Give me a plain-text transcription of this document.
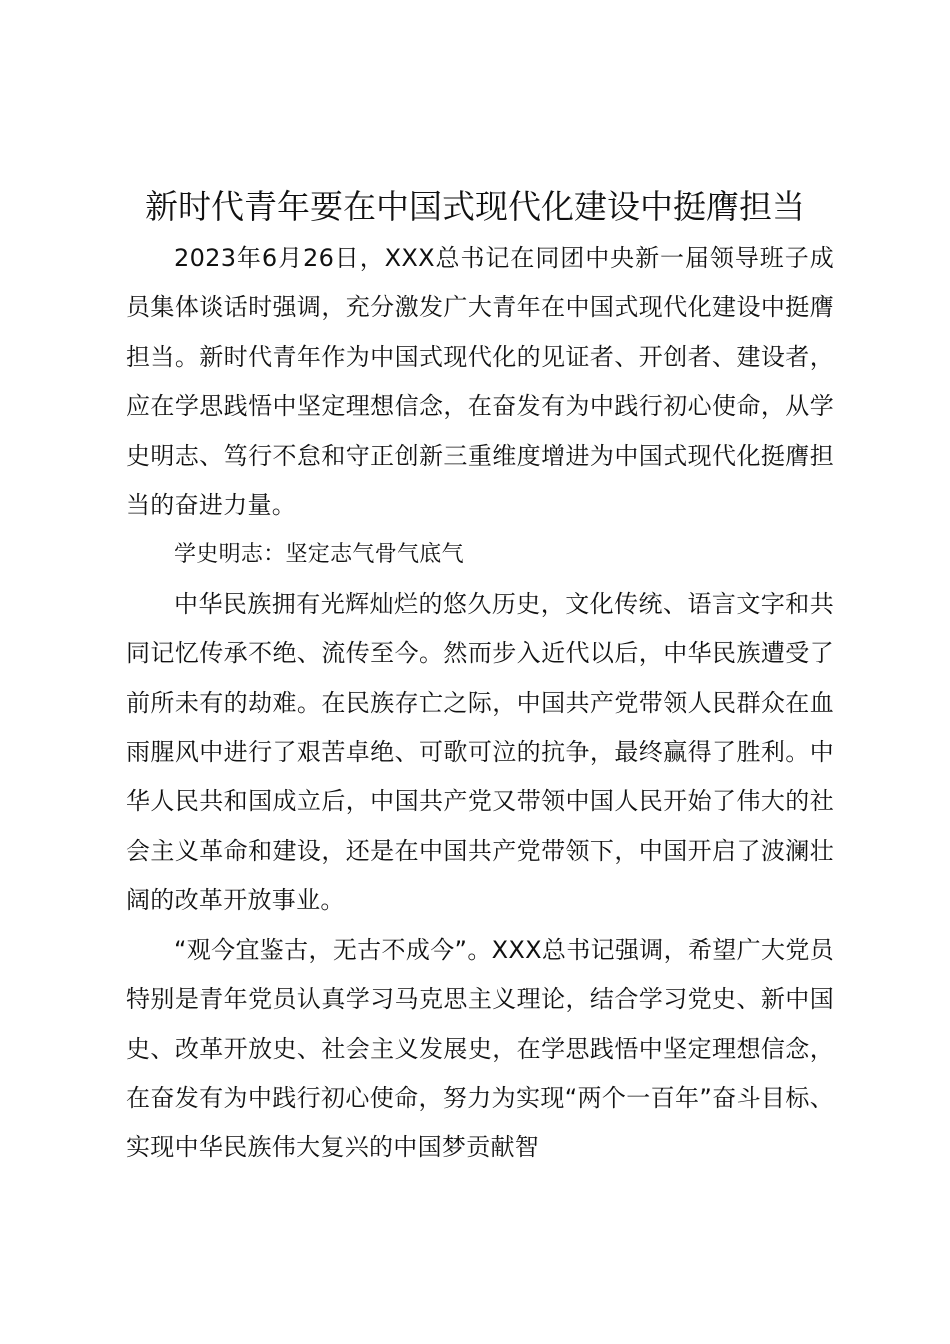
新时代青年要在中国式现代化建设中挺膺担当

2023年6月26日，XXX总书记在同团中央新一届领导班子成员集体谈话时强调，充分激发广大青年在中国式现代化建设中挺膺担当。新时代青年作为中国式现代化的见证者、开创者、建设者，应在学思践悟中坚定理想信念，在奋发有为中践行初心使命，从学史明志、笃行不怠和守正创新三重维度增进为中国式现代化挺膺担当的奋进力量。

学史明志：坚定志气骨气底气

中华民族拥有光辉灿烂的悠久历史，文化传统、语言文字和共同记忆传承不绝、流传至今。然而步入近代以后，中华民族遭受了前所未有的劫难。在民族存亡之际，中国共产党带领人民群众在血雨腥风中进行了艰苦卓绝、可歌可泣的抗争，最终赢得了胜利。中华人民共和国成立后，中国共产党又带领中国人民开始了伟大的社会主义革命和建设，还是在中国共产党带领下，中国开启了波澜壮阔的改革开放事业。

“观今宜鉴古，无古不成今”。XXX总书记强调，希望广大党员特别是青年党员认真学习马克思主义理论，结合学习党史、新中国史、改革开放史、社会主义发展史，在学思践悟中坚定理想信念，在奋发有为中践行初心使命，努力为实现“两个一百年”奋斗目标、实现中华民族伟大复兴的中国梦贡献智
